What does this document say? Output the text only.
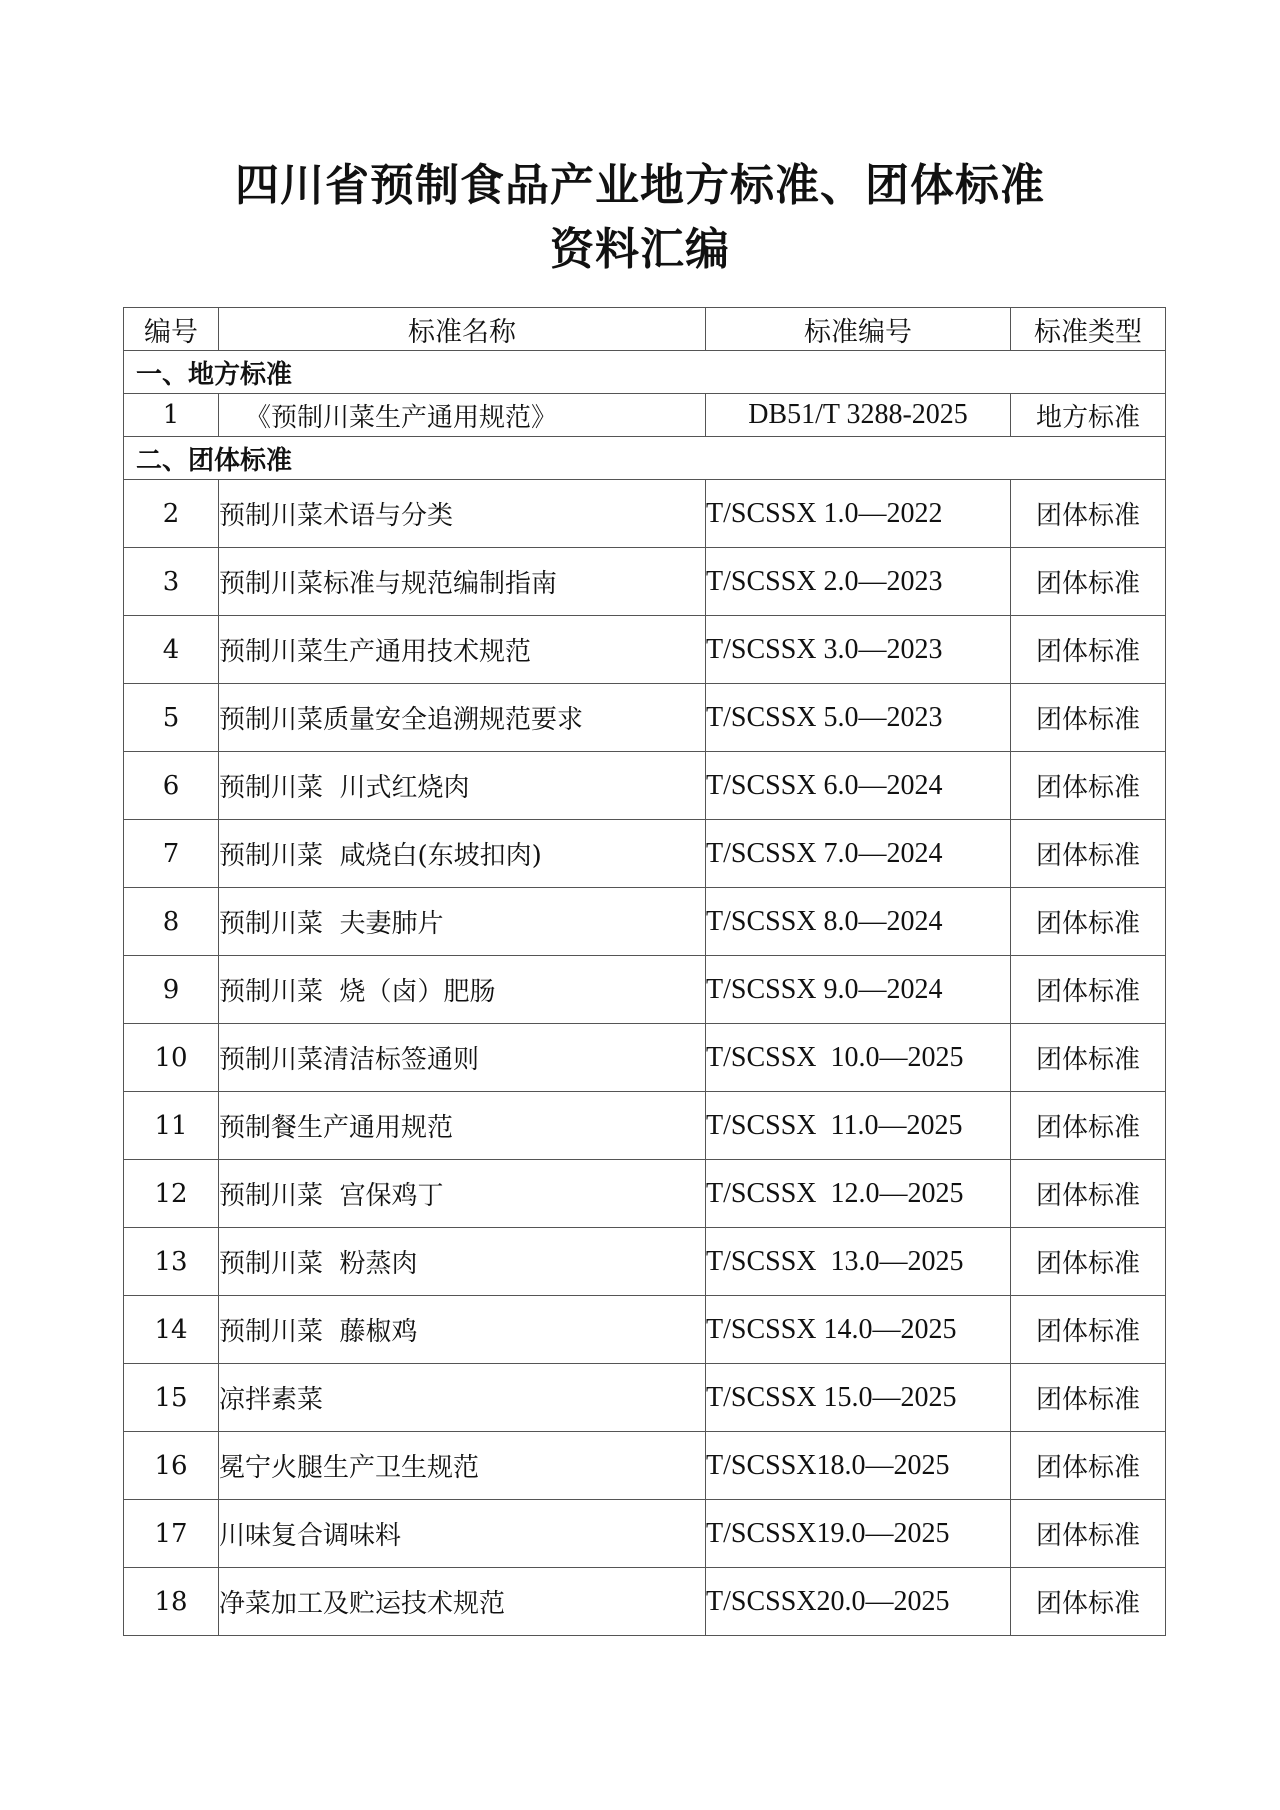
四川省预制食品产业地方标准、团体标准
资料汇编
编号	标准名称	标准编号	标准类型
一、地方标准			
1	《预制川菜生产通用规范》	DB51/T 3288-2025	地方标准
二、团体标准			
2	预制川菜术语与分类	T/SCSSX 1.0—2022	团体标准
3	预制川菜标准与规范编制指南	T/SCSSX 2.0—2023	团体标准
4	预制川菜生产通用技术规范	T/SCSSX 3.0—2023	团体标准
5	预制川菜质量安全追溯规范要求	T/SCSSX 5.0—2023	团体标准
6	预制川菜  川式红烧肉	T/SCSSX 6.0—2024	团体标准
7	预制川菜  咸烧白(东坡扣肉)	T/SCSSX 7.0—2024	团体标准
8	预制川菜  夫妻肺片	T/SCSSX 8.0—2024	团体标准
9	预制川菜  烧（卤）肥肠	T/SCSSX 9.0—2024	团体标准
10	预制川菜清洁标签通则	T/SCSSX  10.0—2025	团体标准
11	预制餐生产通用规范	T/SCSSX  11.0—2025	团体标准
12	预制川菜  宫保鸡丁	T/SCSSX  12.0—2025	团体标准
13	预制川菜  粉蒸肉	T/SCSSX  13.0—2025	团体标准
14	预制川菜  藤椒鸡	T/SCSSX 14.0—2025	团体标准
15	凉拌素菜	T/SCSSX 15.0—2025	团体标准
16	冕宁火腿生产卫生规范	T/SCSSX18.0—2025	团体标准
17	川味复合调味料	T/SCSSX19.0—2025	团体标准
18	净菜加工及贮运技术规范	T/SCSSX20.0—2025	团体标准
